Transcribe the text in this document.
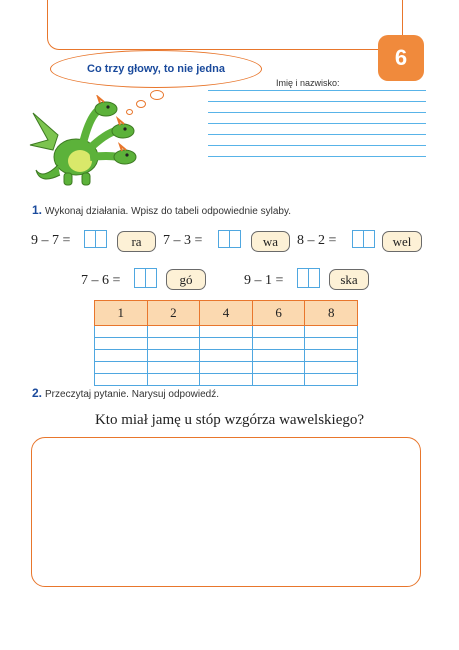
6
Co trzy głowy, to nie jedna
Imię i nazwisko:
1. Wykonaj działania. Wpisz do tabeli odpowiednie sylaby.
9 – 7 =	ra	7 – 3 =	wa	8 – 2 =	wel
7 – 6 =	gó	9 – 1 =	ska
1	2	4	6	8

2. Przeczytaj pytanie. Narysuj odpowiedź.
Kto miał jamę u stóp wzgórza wawelskiego?
